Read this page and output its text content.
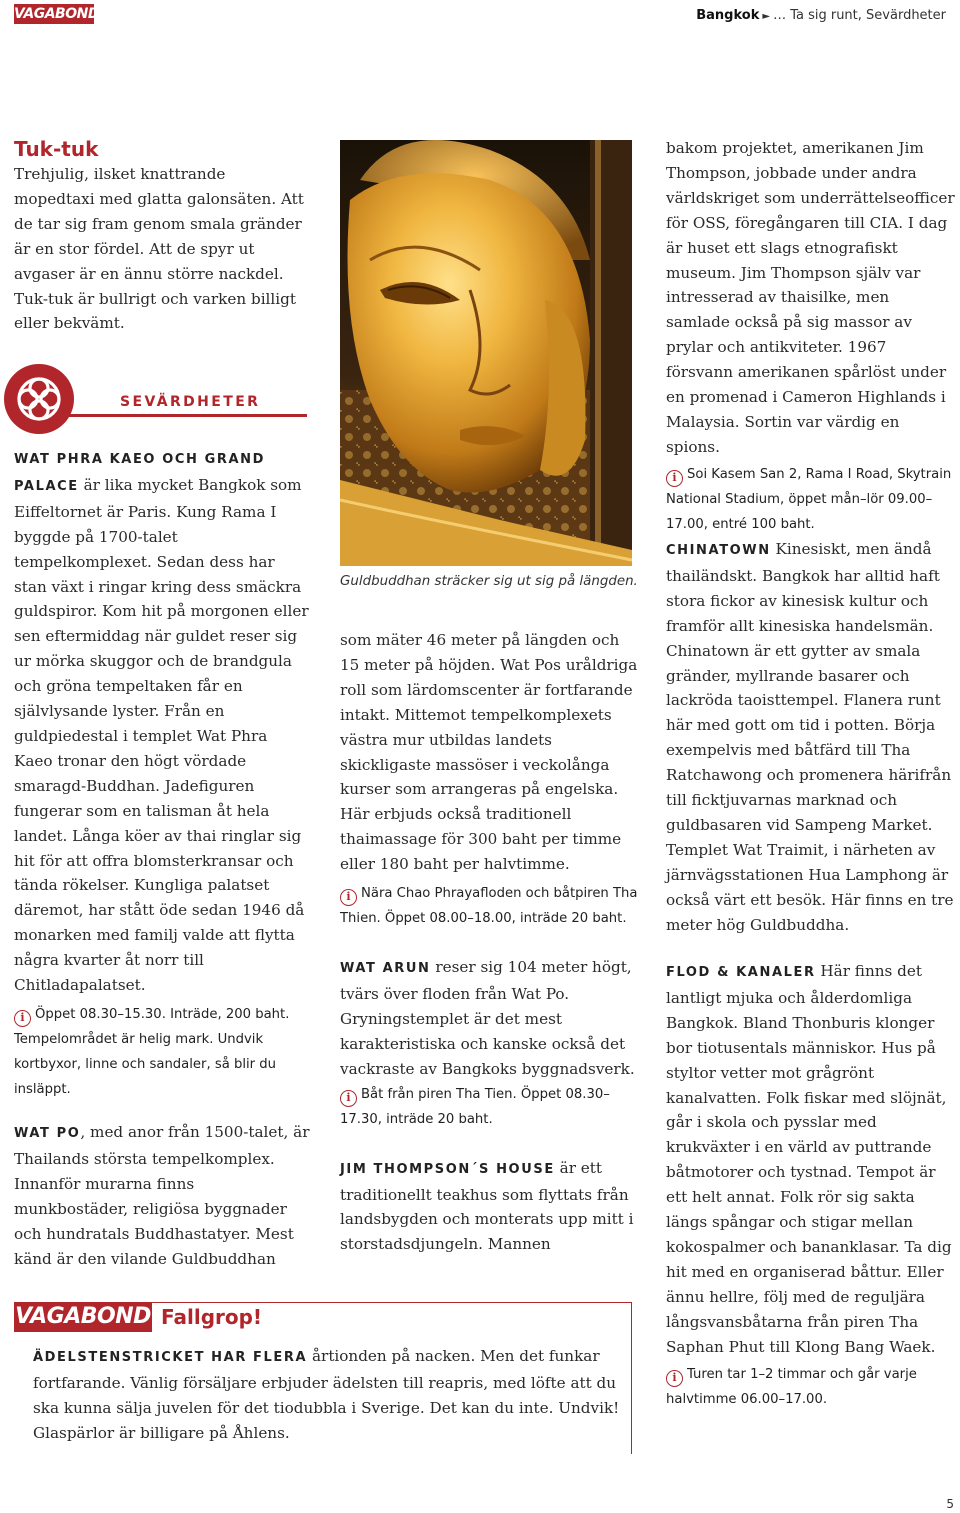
VAGABOND	Bangkok ► … Ta sig runt, Sevärdheter
Tuk-tuk

Trehjulig, ilsket knattrande mopedtaxi med glatta galonsäten. Att de tar sig fram genom smala gränder är en stor fördel. Att de spyr ut avgaser är en ännu större nackdel. Tuk-tuk är bullrigt och varken billigt eller bekvämt.

SEVÄRDHETER

WAT PHRA KAEO OCH GRAND PALACE är lika mycket Bangkok som Eiffeltornet är Paris. Kung Rama I byggde på 1700-talet tempelkomplexet. Sedan dess har stan växt i ringar kring dess smäckra guldspiror. Kom hit på morgonen eller sen eftermiddag när guldet reser sig ur mörka skuggor och de brandgula och gröna tempeltaken får en självlysande lyster. Från en guldpiedestal i templet Wat Phra Kaeo tronar den högt vördade smaragd-Buddhan. Jadefiguren fungerar som en talisman åt hela landet. Långa köer av thai ringlar sig hit för att offra blomsterkransar och tända rökelser. Kungliga palatset däremot, har stått öde sedan 1946 då monarken med familj valde att flytta några kvarter åt norr till Chitladapalatset.

i Öppet 08.30–15.30. Inträde, 200 baht. Tempelområdet är helig mark. Undvik kortbyxor, linne och sandaler, så blir du insläppt.

WAT PO, med anor från 1500-talet, är Thailands största tempelkomplex. Innanför murarna finns munkbostäder, religiösa byggnader och hundratals Buddhastatyer. Mest känd är den vilande Guldbuddhan

Guldbuddhan sträcker sig ut sig på längden.

som mäter 46 meter på längden och 15 meter på höjden. Wat Pos uråldriga roll som lärdomscenter är fortfarande intakt. Mittemot tempelkomplexets västra mur utbildas landets skickligaste massöser i veckolånga kurser som arrangeras på engelska. Här erbjuds också traditionell thaimassage för 300 baht per timme eller 180 baht per halvtimme.

i Nära Chao Phrayafloden och båtpiren Tha Thien. Öppet 08.00–18.00, inträde 20 baht.

WAT ARUN reser sig 104 meter högt, tvärs över floden från Wat Po. Gryningstemplet är det mest karakteristiska och kanske också det vackraste av Bangkoks byggnadsverk.

i Båt från piren Tha Tien. Öppet 08.30–17.30, inträde 20 baht.

JIM THOMPSON´S HOUSE är ett traditionellt teakhus som flyttats från landsbygden och monterats upp mitt i storstadsdjungeln. Mannen

bakom projektet, amerikanen Jim Thompson, jobbade under andra världskriget som underrättelseofficer för OSS, föregångaren till CIA. I dag är huset ett slags etnografiskt museum. Jim Thompson själv var intresserad av thaisilke, men samlade också på sig massor av prylar och antikviteter. 1967 försvann amerikanen spårlöst under en promenad i Cameron Highlands i Malaysia. Sortin var värdig en spions.

i Soi Kasem San 2, Rama I Road, Skytrain National Stadium, öppet mån–lör 09.00–17.00, entré 100 baht.

CHINATOWN Kinesiskt, men ändå thailändskt. Bangkok har alltid haft stora fickor av kinesisk kultur och framför allt kinesiska handelsmän. Chinatown är ett gytter av smala gränder, myllrande basarer och lackröda taoisttempel. Flanera runt här med gott om tid i potten. Börja exempelvis med båtfärd till Tha Ratchawong och promenera härifrån till ficktjuvarnas marknad och guldbasaren vid Sampeng Market. Templet Wat Traimit, i närheten av järnvägsstationen Hua Lamphong är också värt ett besök. Här finns en tre meter hög Guldbuddha.

FLOD & KANALER Här finns det lantligt mjuka och ålderdomliga Bangkok. Bland Thonburis klonger bor tiotusentals människor. Hus på styltor vetter mot grågrönt kanalvatten. Folk fiskar med slöjnät, går i skola och pysslar med krukväxter i en värld av puttrande båtmotorer och tystnad. Tempot är ett helt annat. Folk rör sig sakta längs spångar och stigar mellan kokospalmer och bananklasar. Ta dig hit med en organiserad båttur. Eller ännu hellre, följ med de reguljära långsvansbåtarna från piren Tha Saphan Phut till Klong Bang Waek.

i Turen tar 1–2 timmar och går varje halvtimme 06.00–17.00.

VAGABOND Fallgrop!

ÄDELSTENSTRICKET HAR FLERA årtionden på nacken. Men det funkar fortfarande. Vänlig försäljare erbjuder ädelsten till reapris, med löfte att du ska kunna sälja juvelen för det tiodubbla i Sverige. Det kan du inte. Undvik! Glaspärlor är billigare på Åhlens.

5
